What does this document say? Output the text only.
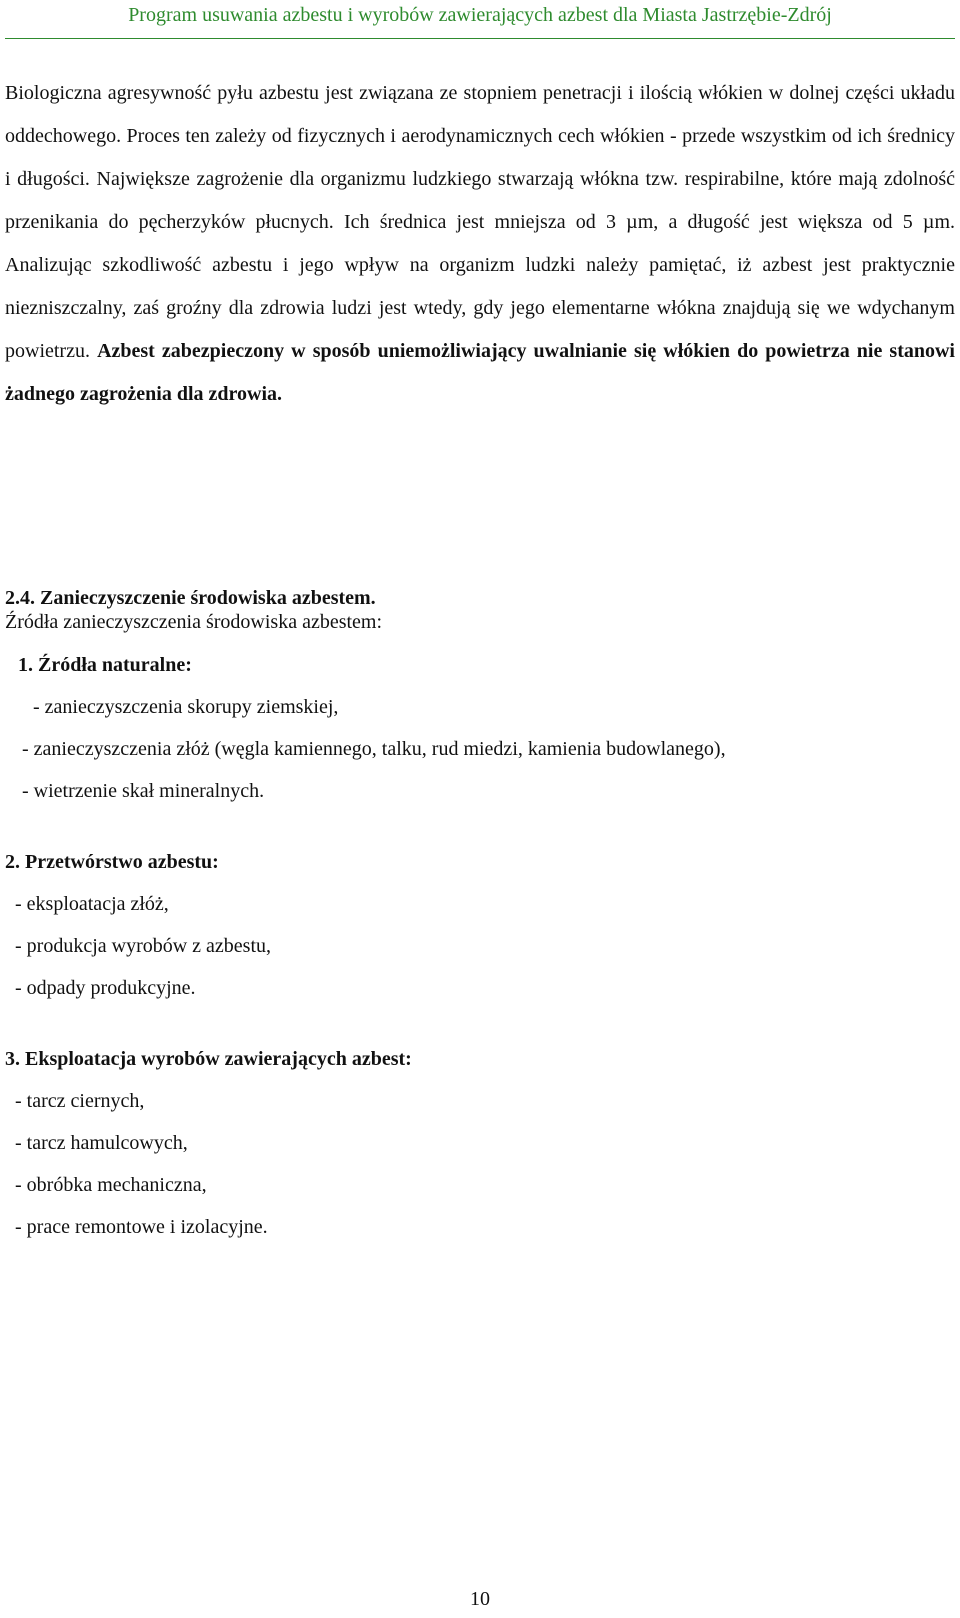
Program usuwania azbestu i wyrobów zawierających azbest dla Miasta Jastrzębie-Zdrój

Biologiczna agresywność pyłu azbestu jest związana ze stopniem penetracji i ilością włókien w dolnej części układu oddechowego. Proces ten zależy od fizycznych i aerodynamicznych cech włókien - przede wszystkim od ich średnicy i długości. Największe zagrożenie dla organizmu ludzkiego stwarzają włókna tzw. respirabilne, które mają zdolność przenikania do pęcherzyków płucnych. Ich średnica jest mniejsza od 3 µm, a długość jest większa od 5 µm. Analizując szkodliwość azbestu i jego wpływ na organizm ludzki należy pamiętać, iż azbest jest praktycznie niezniszczalny, zaś groźny dla zdrowia ludzi jest wtedy, gdy jego elementarne włókna znajdują się we wdychanym powietrzu. Azbest zabezpieczony w sposób uniemożliwiający uwalnianie się włókien do powietrza nie stanowi żadnego zagrożenia dla zdrowia.

2.4. Zanieczyszczenie środowiska azbestem.

Źródła zanieczyszczenia środowiska azbestem:

1. Źródła naturalne:

- zanieczyszczenia skorupy ziemskiej,

- zanieczyszczenia złóż (węgla kamiennego, talku, rud miedzi, kamienia budowlanego),

- wietrzenie skał mineralnych.

2. Przetwórstwo azbestu:

- eksploatacja złóż,

- produkcja wyrobów z azbestu,

- odpady produkcyjne.

3. Eksploatacja wyrobów zawierających azbest:

- tarcz ciernych,

- tarcz hamulcowych,

- obróbka mechaniczna,

- prace remontowe i izolacyjne.

10
